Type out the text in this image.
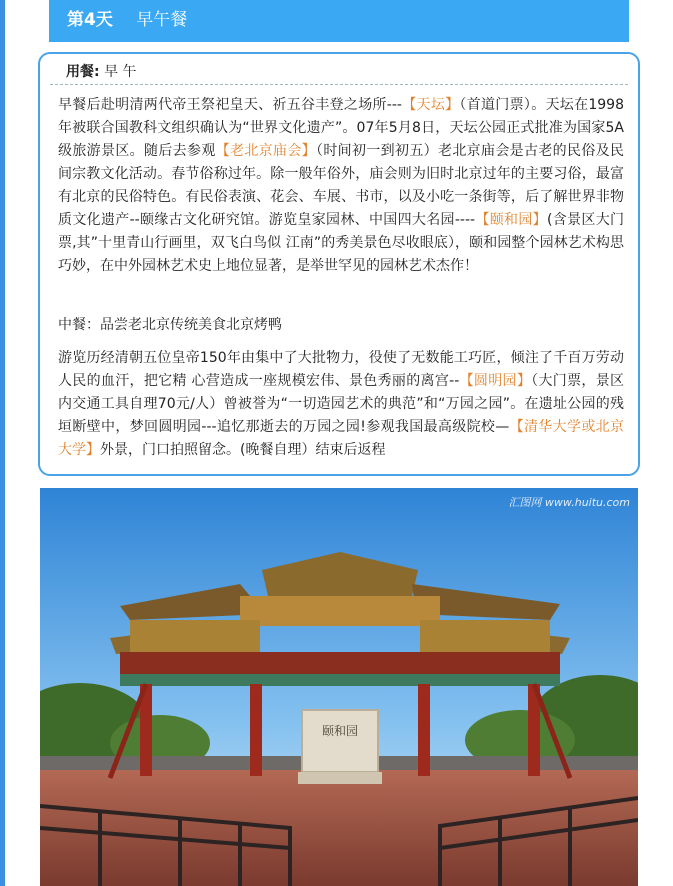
第4天 早午餐
用餐: 早 午
早餐后赴明清两代帝王祭祀皇天、祈五谷丰登之场所---【天坛】（首道门票）。天坛在1998年被联合国教科文组织确认为“世界文化遗产”。07年5月8日，天坛公园正式批准为国家5A级旅游景区。随后去参观【老北京庙会】（时间初一到初五）老北京庙会是古老的民俗及民间宗教文化活动。春节俗称过年。除一般年俗外，庙会则为旧时北京过年的主要习俗，最富有北京的民俗特色。有民俗表演、花会、车展、书市，以及小吃一条街等，后了解世界非物质文化遗产--颐缘古文化研究馆。游览皇家园林、中国四大名园----【颐和园】(含景区大门票,其”十里青山行画里，双飞白鸟似 江南”的秀美景色尽收眼底），颐和园整个园林艺术构思巧妙，在中外园林艺术史上地位显著，是举世罕见的园林艺术杰作！
中餐：品尝老北京传统美食北京烤鸭
游览历经清朝五位皇帝150年由集中了大批物力，役使了无数能工巧匠，倾注了千百万劳动人民的血汗，把它精 心营造成一座规模宏伟、景色秀丽的离宫--【圆明园】（大门票，景区内交通工具自理70元/人）曾被誉为“一切造园艺术的典范”和“万园之园”。在遗址公园的残垣断壁中，梦回圆明园---追忆那逝去的万园之园!参观我国最高级院校—【清华大学或北京大学】外景，门口拍照留念。(晚餐自理）结束后返程
颐和园
汇图网 www.huitu.com
